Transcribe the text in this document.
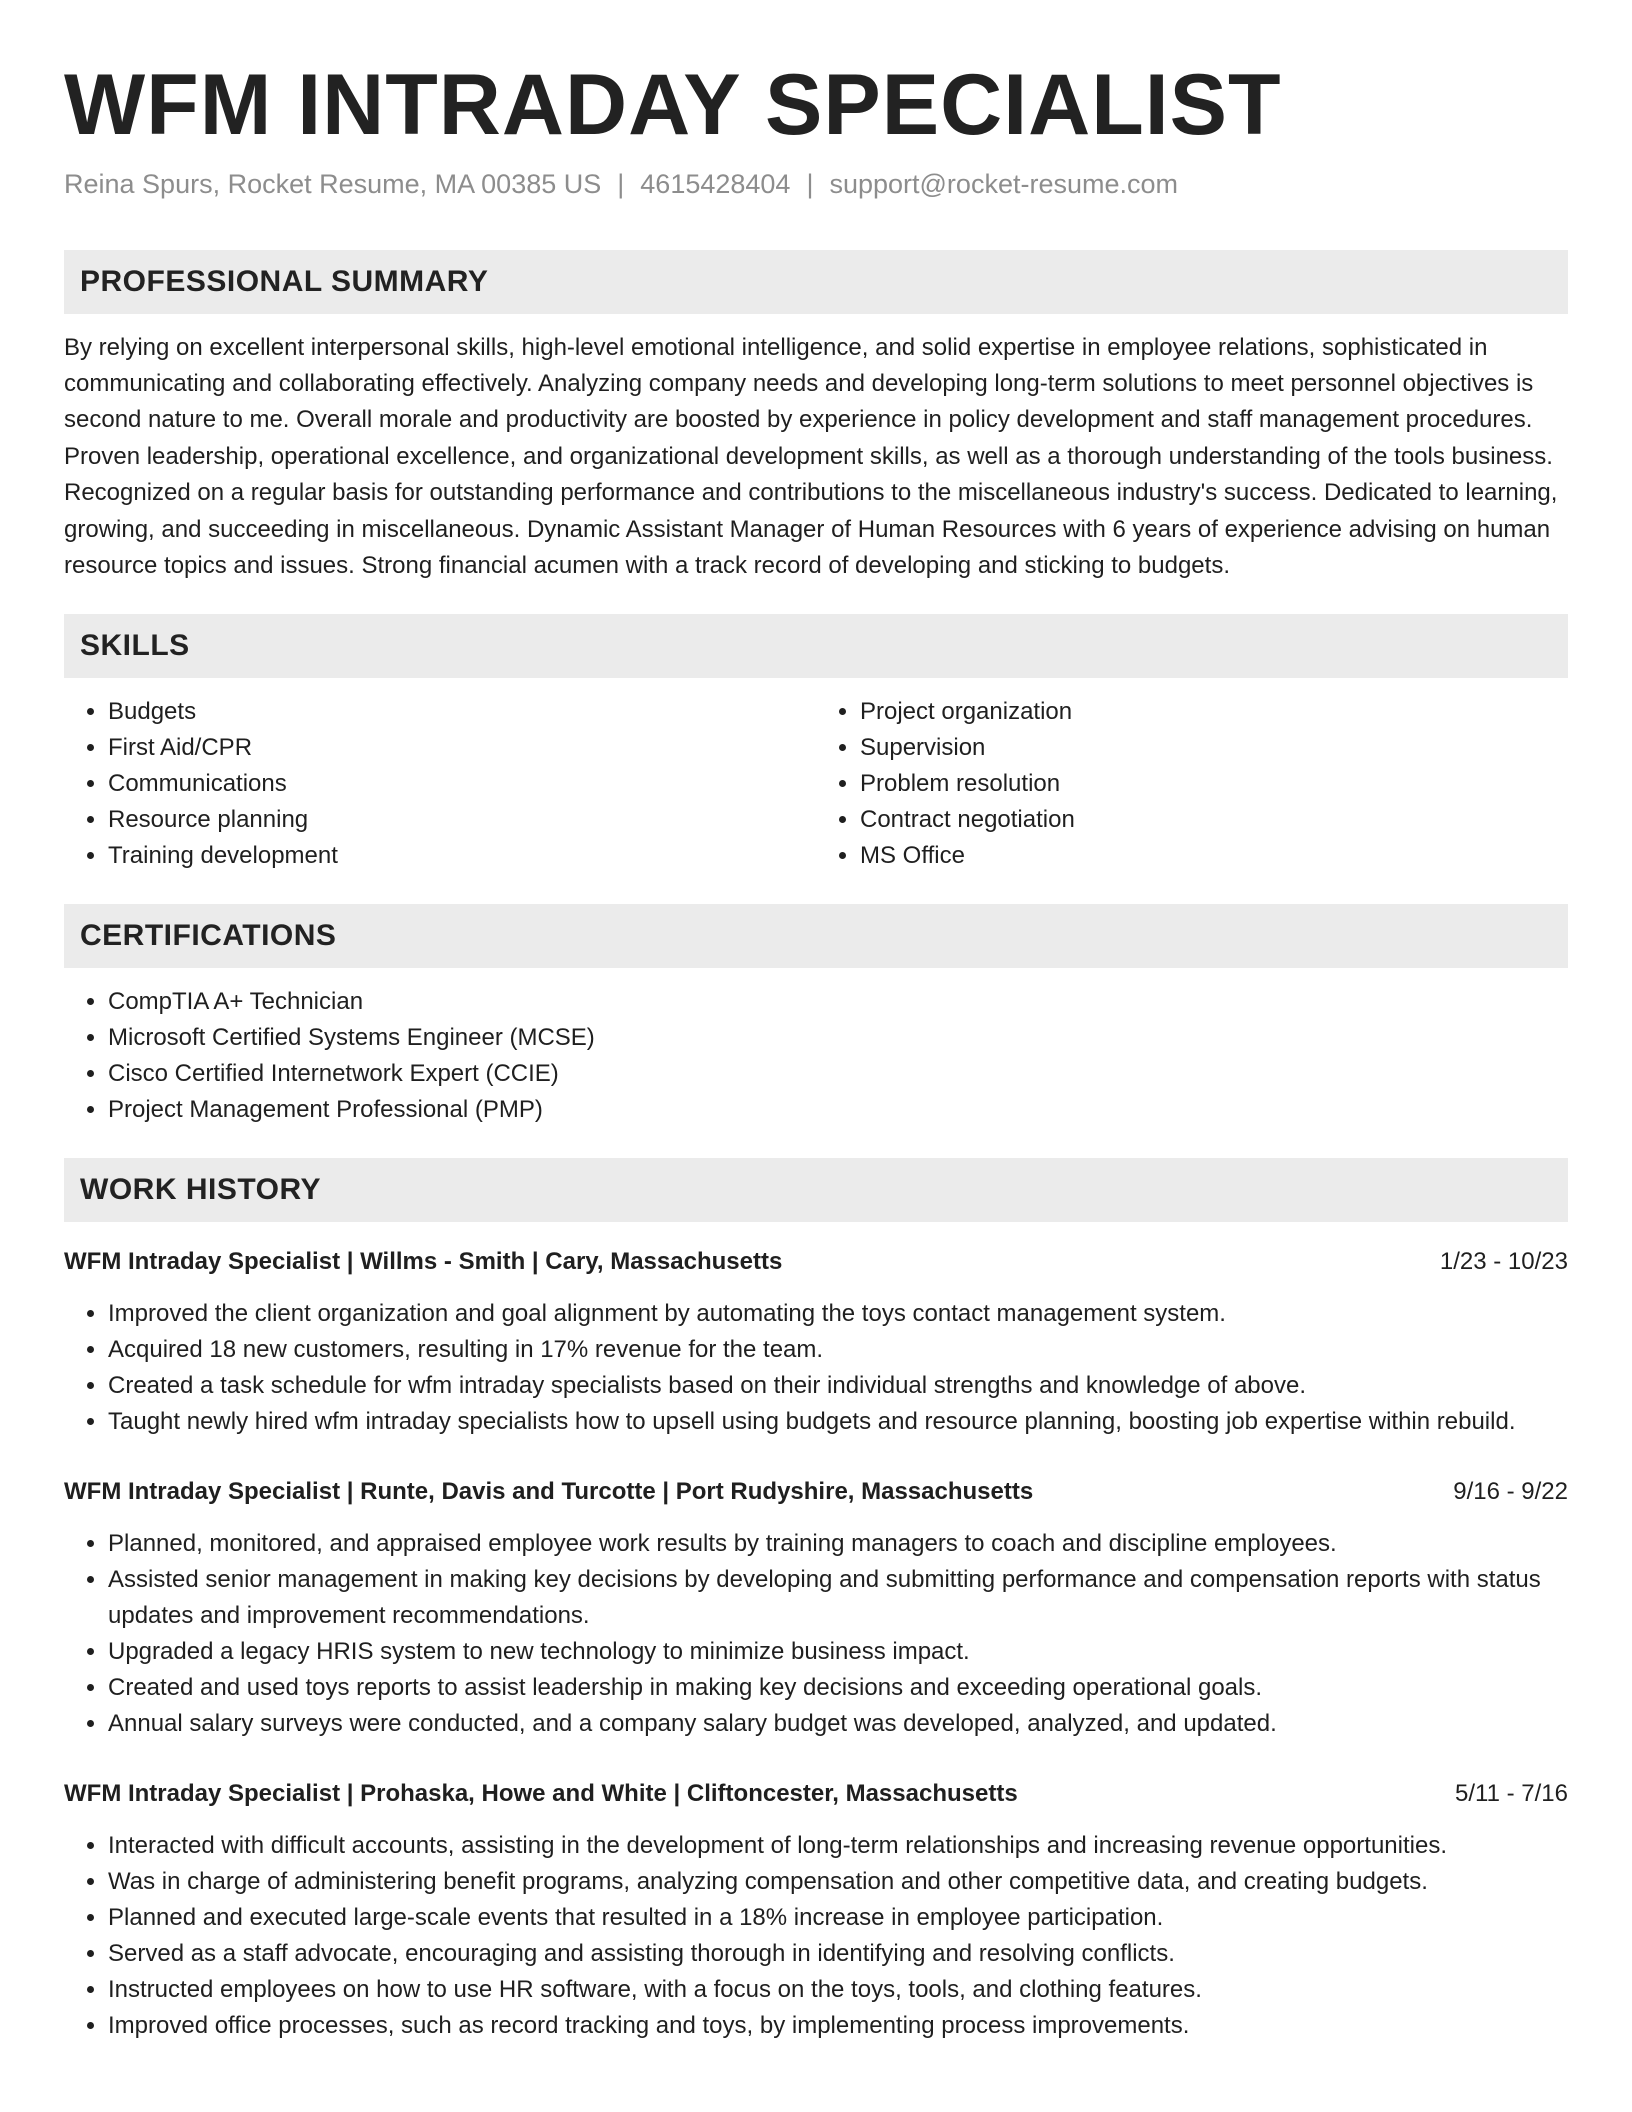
WFM INTRADAY SPECIALIST
Reina Spurs, Rocket Resume, MA 00385 US | 4615428404 | support@rocket-resume.com
PROFESSIONAL SUMMARY
By relying on excellent interpersonal skills, high-level emotional intelligence, and solid expertise in employee relations, sophisticated in communicating and collaborating effectively. Analyzing company needs and developing long-term solutions to meet personnel objectives is second nature to me. Overall morale and productivity are boosted by experience in policy development and staff management procedures. Proven leadership, operational excellence, and organizational development skills, as well as a thorough understanding of the tools business. Recognized on a regular basis for outstanding performance and contributions to the miscellaneous industry's success. Dedicated to learning, growing, and succeeding in miscellaneous. Dynamic Assistant Manager of Human Resources with 6 years of experience advising on human resource topics and issues. Strong financial acumen with a track record of developing and sticking to budgets.
SKILLS
• Budgets
• First Aid/CPR
• Communications
• Resource planning
• Training development
• Project organization
• Supervision
• Problem resolution
• Contract negotiation
• MS Office
CERTIFICATIONS
• CompTIA A+ Technician
• Microsoft Certified Systems Engineer (MCSE)
• Cisco Certified Internetwork Expert (CCIE)
• Project Management Professional (PMP)
WORK HISTORY
WFM Intraday Specialist | Willms - Smith | Cary, Massachusetts	1/23 - 10/23
• Improved the client organization and goal alignment by automating the toys contact management system.
• Acquired 18 new customers, resulting in 17% revenue for the team.
• Created a task schedule for wfm intraday specialists based on their individual strengths and knowledge of above.
• Taught newly hired wfm intraday specialists how to upsell using budgets and resource planning, boosting job expertise within rebuild.
WFM Intraday Specialist | Runte, Davis and Turcotte | Port Rudyshire, Massachusetts	9/16 - 9/22
• Planned, monitored, and appraised employee work results by training managers to coach and discipline employees.
• Assisted senior management in making key decisions by developing and submitting performance and compensation reports with status updates and improvement recommendations.
• Upgraded a legacy HRIS system to new technology to minimize business impact.
• Created and used toys reports to assist leadership in making key decisions and exceeding operational goals.
• Annual salary surveys were conducted, and a company salary budget was developed, analyzed, and updated.
WFM Intraday Specialist | Prohaska, Howe and White | Cliftoncester, Massachusetts	5/11 - 7/16
• Interacted with difficult accounts, assisting in the development of long-term relationships and increasing revenue opportunities.
• Was in charge of administering benefit programs, analyzing compensation and other competitive data, and creating budgets.
• Planned and executed large-scale events that resulted in a 18% increase in employee participation.
• Served as a staff advocate, encouraging and assisting thorough in identifying and resolving conflicts.
• Instructed employees on how to use HR software, with a focus on the toys, tools, and clothing features.
• Improved office processes, such as record tracking and toys, by implementing process improvements.
